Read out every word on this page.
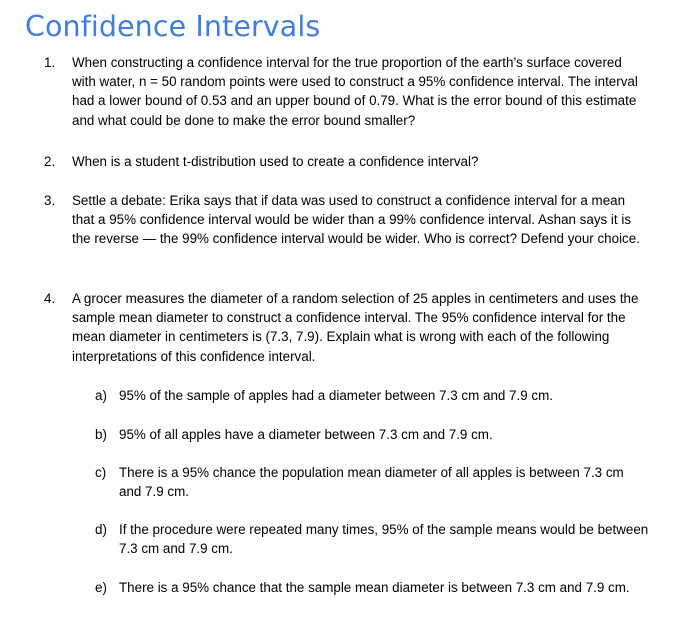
Confidence Intervals
1.	When constructing a confidence interval for the true proportion of the earth’s surface covered with water, n = 50 random points were used to construct a 95% confidence interval. The interval had a lower bound of 0.53 and an upper bound of 0.79. What is the error bound of this estimate and what could be done to make the error bound smaller?
2.	When is a student t-distribution used to create a confidence interval?
3.	Settle a debate: Erika says that if data was used to construct a confidence interval for a mean that a 95% confidence interval would be wider than a 99% confidence interval. Ashan says it is the reverse — the 99% confidence interval would be wider. Who is correct? Defend your choice.
4.	A grocer measures the diameter of a random selection of 25 apples in centimeters and uses the sample mean diameter to construct a confidence interval. The 95% confidence interval for the mean diameter in centimeters is (7.3, 7.9). Explain what is wrong with each of the following interpretations of this confidence interval.
a) 95% of the sample of apples had a diameter between 7.3 cm and 7.9 cm.
b) 95% of all apples have a diameter between 7.3 cm and 7.9 cm.
c) There is a 95% chance the population mean diameter of all apples is between 7.3 cm and 7.9 cm.
d) If the procedure were repeated many times, 95% of the sample means would be between 7.3 cm and 7.9 cm.
e) There is a 95% chance that the sample mean diameter is between 7.3 cm and 7.9 cm.
